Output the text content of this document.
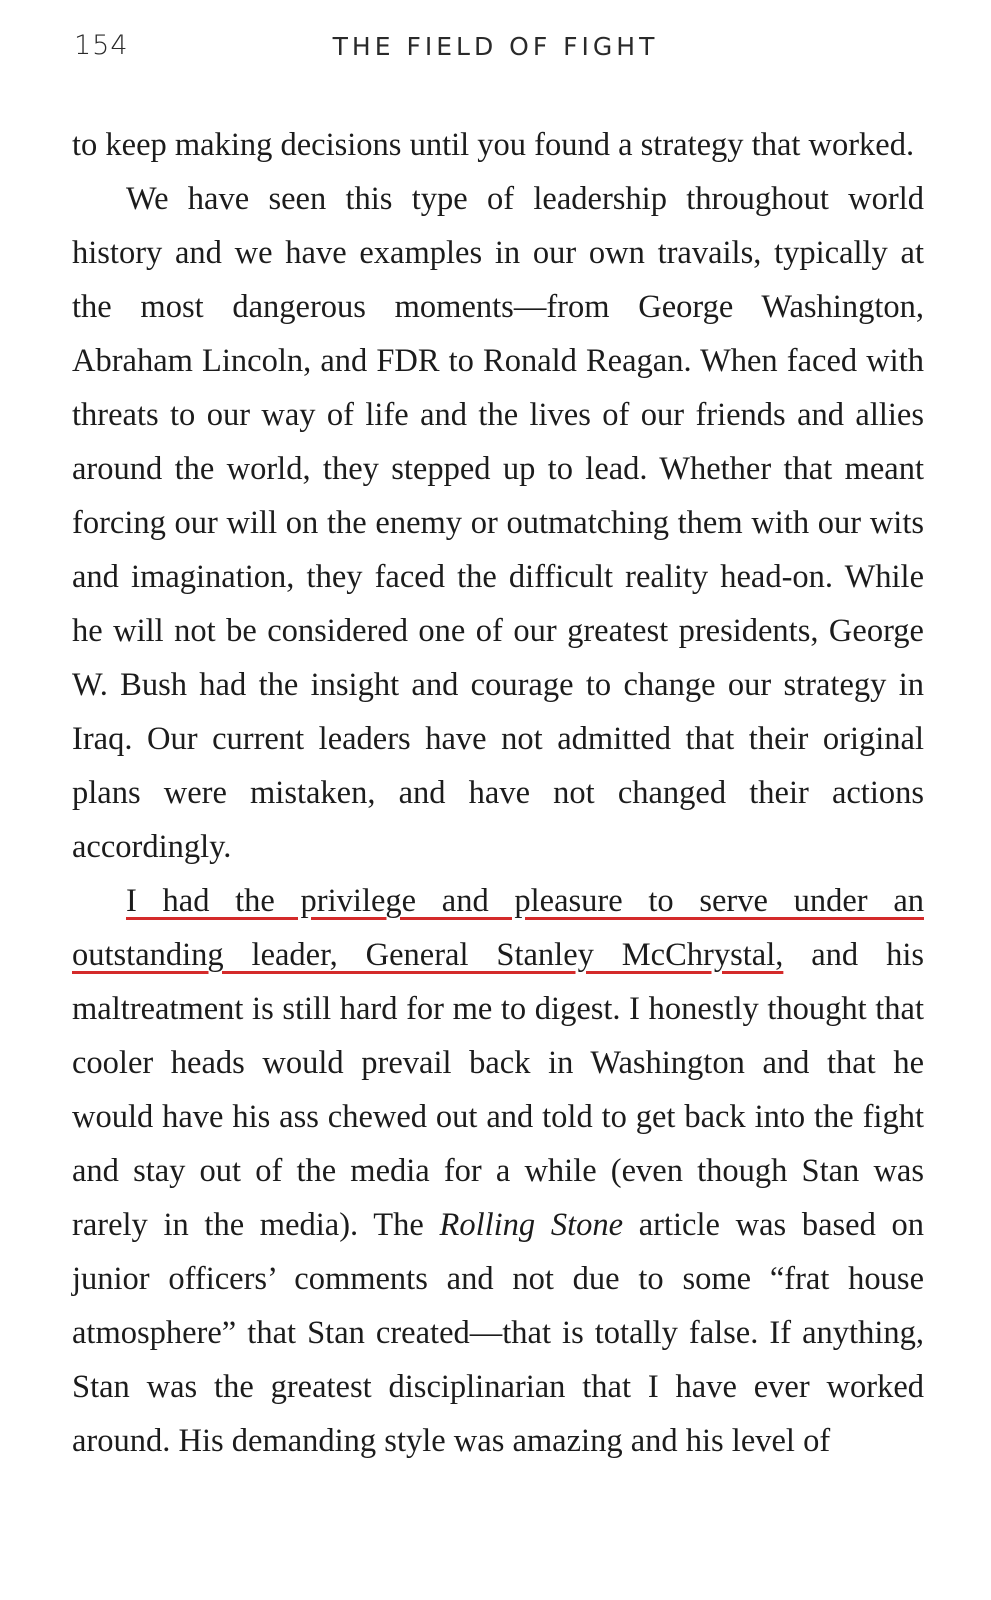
154	THE FIELD OF FIGHT

to keep making decisions until you found a strategy that worked.

We have seen this type of leadership throughout world history and we have examples in our own travails, typically at the most dangerous moments—from George Washington, Abraham Lincoln, and FDR to Ronald Reagan. When faced with threats to our way of life and the lives of our friends and allies around the world, they stepped up to lead. Whether that meant forcing our will on the enemy or outmatching them with our wits and imagination, they faced the difficult reality head-on. While he will not be considered one of our greatest presidents, George W. Bush had the insight and courage to change our strategy in Iraq. Our current leaders have not admitted that their original plans were mistaken, and have not changed their actions accordingly.

I had the privilege and pleasure to serve under an outstanding leader, General Stanley McChrystal, and his maltreatment is still hard for me to digest. I honestly thought that cooler heads would prevail back in Washington and that he would have his ass chewed out and told to get back into the fight and stay out of the media for a while (even though Stan was rarely in the media). The Rolling Stone article was based on junior officers’ comments and not due to some “frat house atmosphere” that Stan created—that is totally false. If anything, Stan was the greatest disciplinarian that I have ever worked around. His demanding style was amazing and his level of
